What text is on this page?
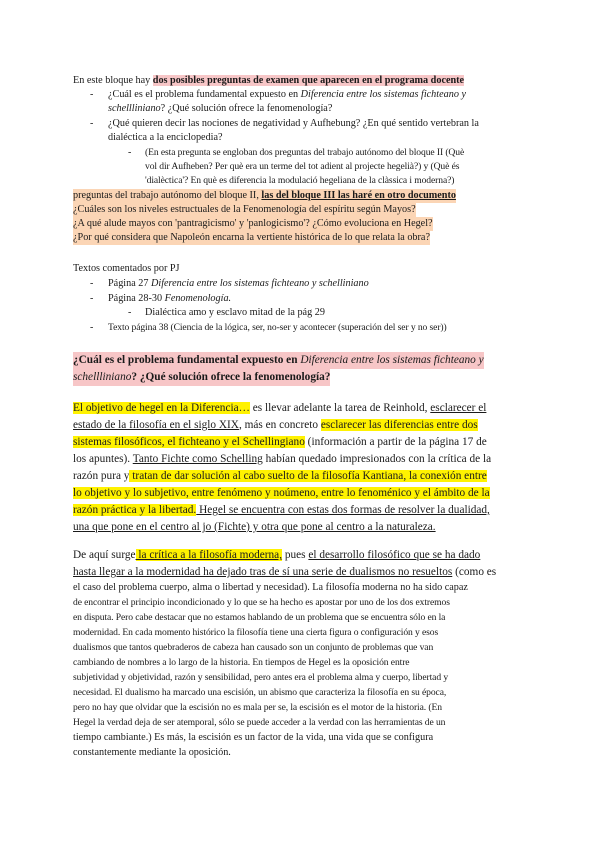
En este bloque hay dos posibles preguntas de examen que aparecen en el programa docente
- ¿Cuál es el problema fundamental expuesto en Diferencia entre los sistemas fichteano y
schellliniano? ¿Qué solución ofrece la fenomenología?
- ¿Qué quieren decir las nociones de negatividad y Aufhebung? ¿En qué sentido vertebran la
dialéctica a la enciclopedia?
- (En esta pregunta se engloban dos preguntas del trabajo autónomo del bloque II (Què
vol dir Aufheben? Per què era un terme del tot adient al projecte hegelià?) y (Què és
'dialèctica'? En què es diferencia la modulació hegeliana de la clàssica i moderna?)
preguntas del trabajo autónomo del bloque II, las del bloque III las haré en otro documento
¿Cuáles son los niveles estructuales de la Fenomenología del espíritu según Mayos?
¿A qué alude mayos con 'pantragicismo' y 'panlogicismo'? ¿Cómo evoluciona en Hegel?
¿Por qué considera que Napoleón encarna la vertiente histórica de lo que relata la obra?
Textos comentados por PJ
- Página 27 Diferencia entre los sistemas fichteano y schelliniano
- Página 28-30 Fenomenología.
- Dialéctica amo y esclavo mitad de la pág 29
- Texto página 38 (Ciencia de la lógica, ser, no-ser y acontecer (superación del ser y no ser))
¿Cuál es el problema fundamental expuesto en Diferencia entre los sistemas fichteano y
schellliniano? ¿Qué solución ofrece la fenomenología?
El objetivo de hegel en la Diferencia… es llevar adelante la tarea de Reinhold, esclarecer el
estado de la filosofía en el siglo XIX, más en concreto esclarecer las diferencias entre dos
sistemas filosóficos, el fichteano y el Schellingiano (información a partir de la página 17 de
los apuntes). Tanto Fichte como Schelling habían quedado impresionados con la crítica de la
razón pura y tratan de dar solución al cabo suelto de la filosofía Kantiana, la conexión entre
lo objetivo y lo subjetivo, entre fenómeno y noúmeno, entre lo fenoménico y el ámbito de la
razón práctica y la libertad. Hegel se encuentra con estas dos formas de resolver la dualidad,
una que pone en el centro al jo (Fichte) y otra que pone al centro a la naturaleza.
De aquí surge la crítica a la filosofía moderna, pues el desarrollo filosófico que se ha dado
hasta llegar a la modernidad ha dejado tras de sí una serie de dualismos no resueltos (como es
el caso del problema cuerpo, alma o libertad y necesidad). La filosofía moderna no ha sido capaz
de encontrar el principio incondicionado y lo que se ha hecho es apostar por uno de los dos extremos
en disputa. Pero cabe destacar que no estamos hablando de un problema que se encuentra sólo en la
modernidad. En cada momento histórico la filosofía tiene una cierta figura o configuración y esos
dualismos que tantos quebraderos de cabeza han causado son un conjunto de problemas que van
cambiando de nombres a lo largo de la historia. En tiempos de Hegel es la oposición entre
subjetividad y objetividad, razón y sensibilidad, pero antes era el problema alma y cuerpo, libertad y
necesidad. El dualismo ha marcado una escisión, un abismo que caracteriza la filosofía en su época,
pero no hay que olvidar que la escisión no es mala per se, la escisión es el motor de la historia. (En
Hegel la verdad deja de ser atemporal, sólo se puede acceder a la verdad con las herramientas de un
tiempo cambiante.) Es más, la escisión es un factor de la vida, una vida que se configura
constantemente mediante la oposición.
